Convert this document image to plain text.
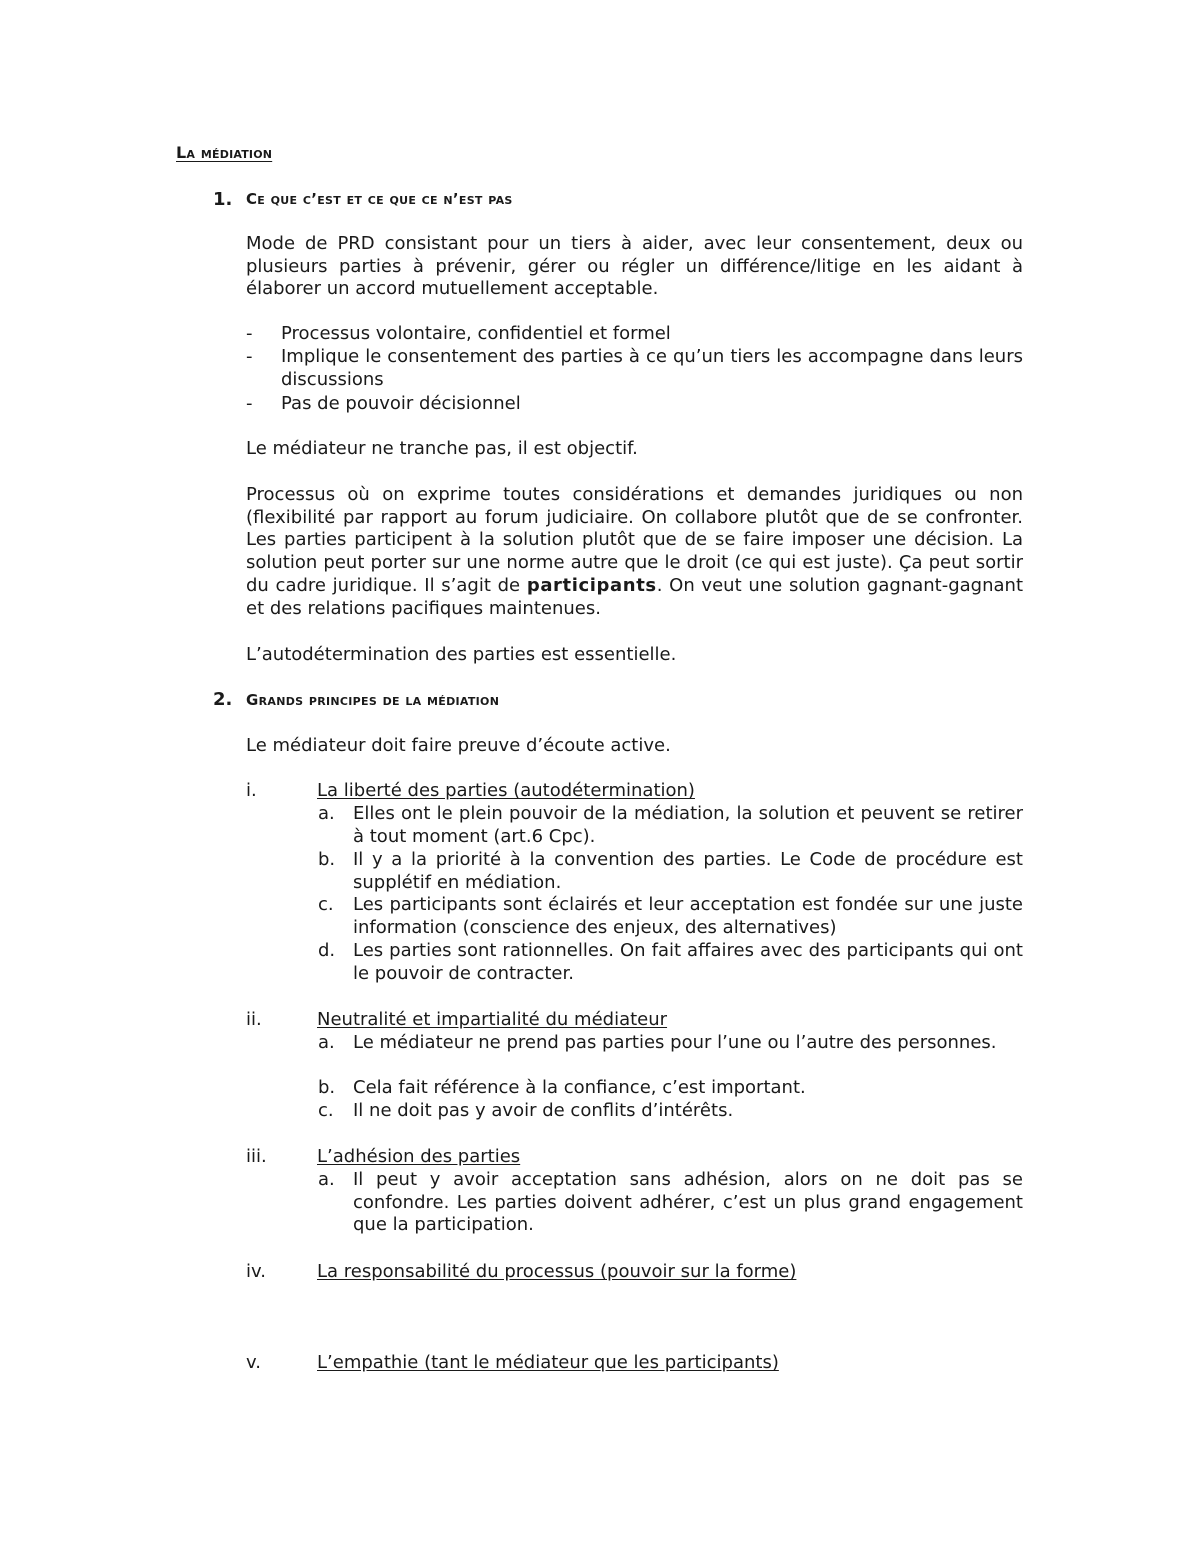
La médiation

1. Ce que c’est et ce que ce n’est pas

Mode de PRD consistant pour un tiers à aider, avec leur consentement, deux ou plusieurs parties à prévenir, gérer ou régler un différence/litige en les aidant à élaborer un accord mutuellement acceptable.

- Processus volontaire, confidentiel et formel

- Implique le consentement des parties à ce qu’un tiers les accompagne dans leurs discussions

- Pas de pouvoir décisionnel

Le médiateur ne tranche pas, il est objectif.

Processus où on exprime toutes considérations et demandes juridiques ou non (flexibilité par rapport au forum judiciaire. On collabore plutôt que de se confronter. Les parties participent à la solution plutôt que de se faire imposer une décision. La solution peut porter sur une norme autre que le droit (ce qui est juste). Ça peut sortir du cadre juridique. Il s’agit de participants. On veut une solution gagnant-gagnant et des relations pacifiques maintenues.

L’autodétermination des parties est essentielle.

2. Grands principes de la médiation

Le médiateur doit faire preuve d’écoute active.

i.	La liberté des parties (autodétermination)
a. Elles ont le plein pouvoir de la médiation, la solution et peuvent se retirer à tout moment (art.6 Cpc).

b. Il y a la priorité à la convention des parties. Le Code de procédure est supplétif en médiation.

c. Les participants sont éclairés et leur acceptation est fondée sur une juste information (conscience des enjeux, des alternatives)

d. Les parties sont rationnelles. On fait affaires avec des participants qui ont le pouvoir de contracter.

ii.	Neutralité et impartialité du médiateur
a. Le médiateur ne prend pas parties pour l’une ou l’autre des personnes.

b. Cela fait référence à la confiance, c’est important.

c. Il ne doit pas y avoir de conflits d’intérêts.

iii.	L’adhésion des parties
a. Il peut y avoir acceptation sans adhésion, alors on ne doit pas se confondre. Les parties doivent adhérer, c’est un plus grand engagement que la participation.

iv.	La responsabilité du processus (pouvoir sur la forme)
v.	L’empathie (tant le médiateur que les participants)
